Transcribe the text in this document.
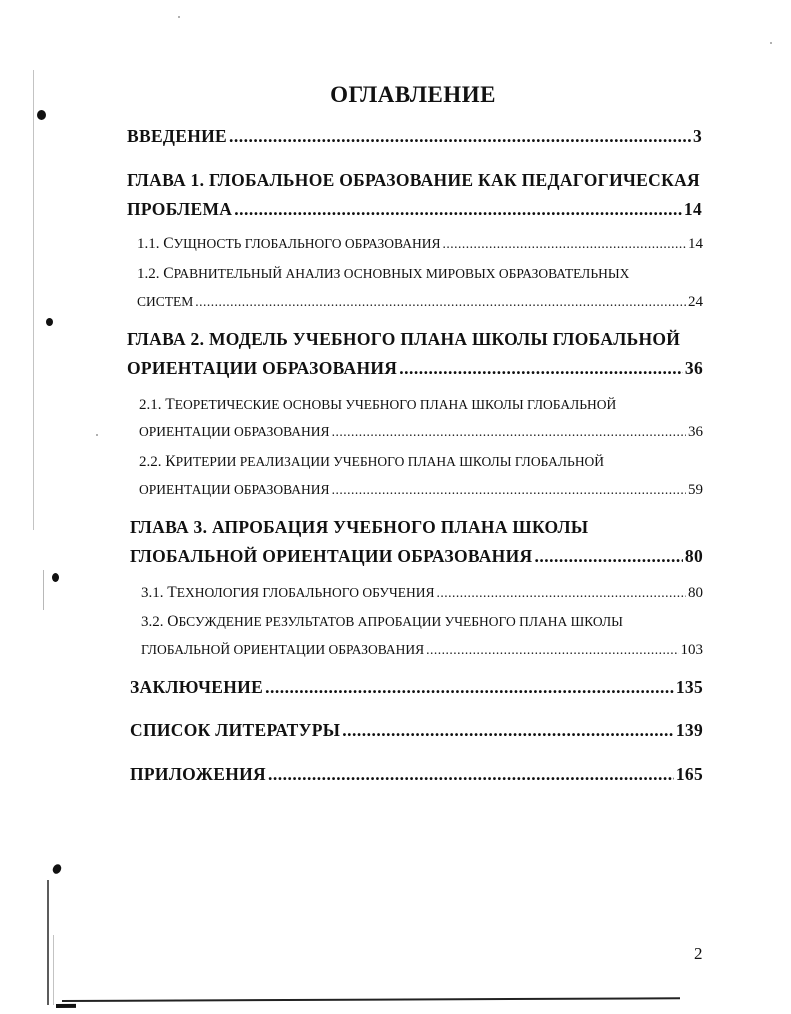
ОГЛАВЛЕНИЕ
ВВЕДЕНИЕ .....	3
ГЛАВА 1. ГЛОБАЛЬНОЕ ОБРАЗОВАНИЕ КАК ПЕДАГОГИЧЕСКАЯ
ПРОБЛЕМА .....	14
1.1. СУЩНОСТЬ ГЛОБАЛЬНОГО ОБРАЗОВАНИЯ .....	14
1.2. СРАВНИТЕЛЬНЫЙ АНАЛИЗ ОСНОВНЫХ МИРОВЫХ ОБРАЗОВАТЕЛЬНЫХ
СИСТЕМ .....	24
ГЛАВА 2. МОДЕЛЬ УЧЕБНОГО ПЛАНА ШКОЛЫ ГЛОБАЛЬНОЙ
ОРИЕНТАЦИИ ОБРАЗОВАНИЯ .....	36
2.1. ТЕОРЕТИЧЕСКИЕ ОСНОВЫ УЧЕБНОГО ПЛАНА ШКОЛЫ ГЛОБАЛЬНОЙ
ОРИЕНТАЦИИ ОБРАЗОВАНИЯ .....	36
2.2. КРИТЕРИИ РЕАЛИЗАЦИИ УЧЕБНОГО ПЛАНА ШКОЛЫ ГЛОБАЛЬНОЙ
ОРИЕНТАЦИИ ОБРАЗОВАНИЯ .....	59
ГЛАВА 3. АПРОБАЦИЯ УЧЕБНОГО ПЛАНА ШКОЛЫ
ГЛОБАЛЬНОЙ ОРИЕНТАЦИИ ОБРАЗОВАНИЯ .....	80
3.1. ТЕХНОЛОГИЯ ГЛОБАЛЬНОГО ОБУЧЕНИЯ .....	80
3.2. ОБСУЖДЕНИЕ РЕЗУЛЬТАТОВ АПРОБАЦИИ УЧЕБНОГО ПЛАНА ШКОЛЫ
ГЛОБАЛЬНОЙ ОРИЕНТАЦИИ ОБРАЗОВАНИЯ .....	103
ЗАКЛЮЧЕНИЕ .....	135
СПИСОК ЛИТЕРАТУРЫ .....	139
ПРИЛОЖЕНИЯ .....	165
2
